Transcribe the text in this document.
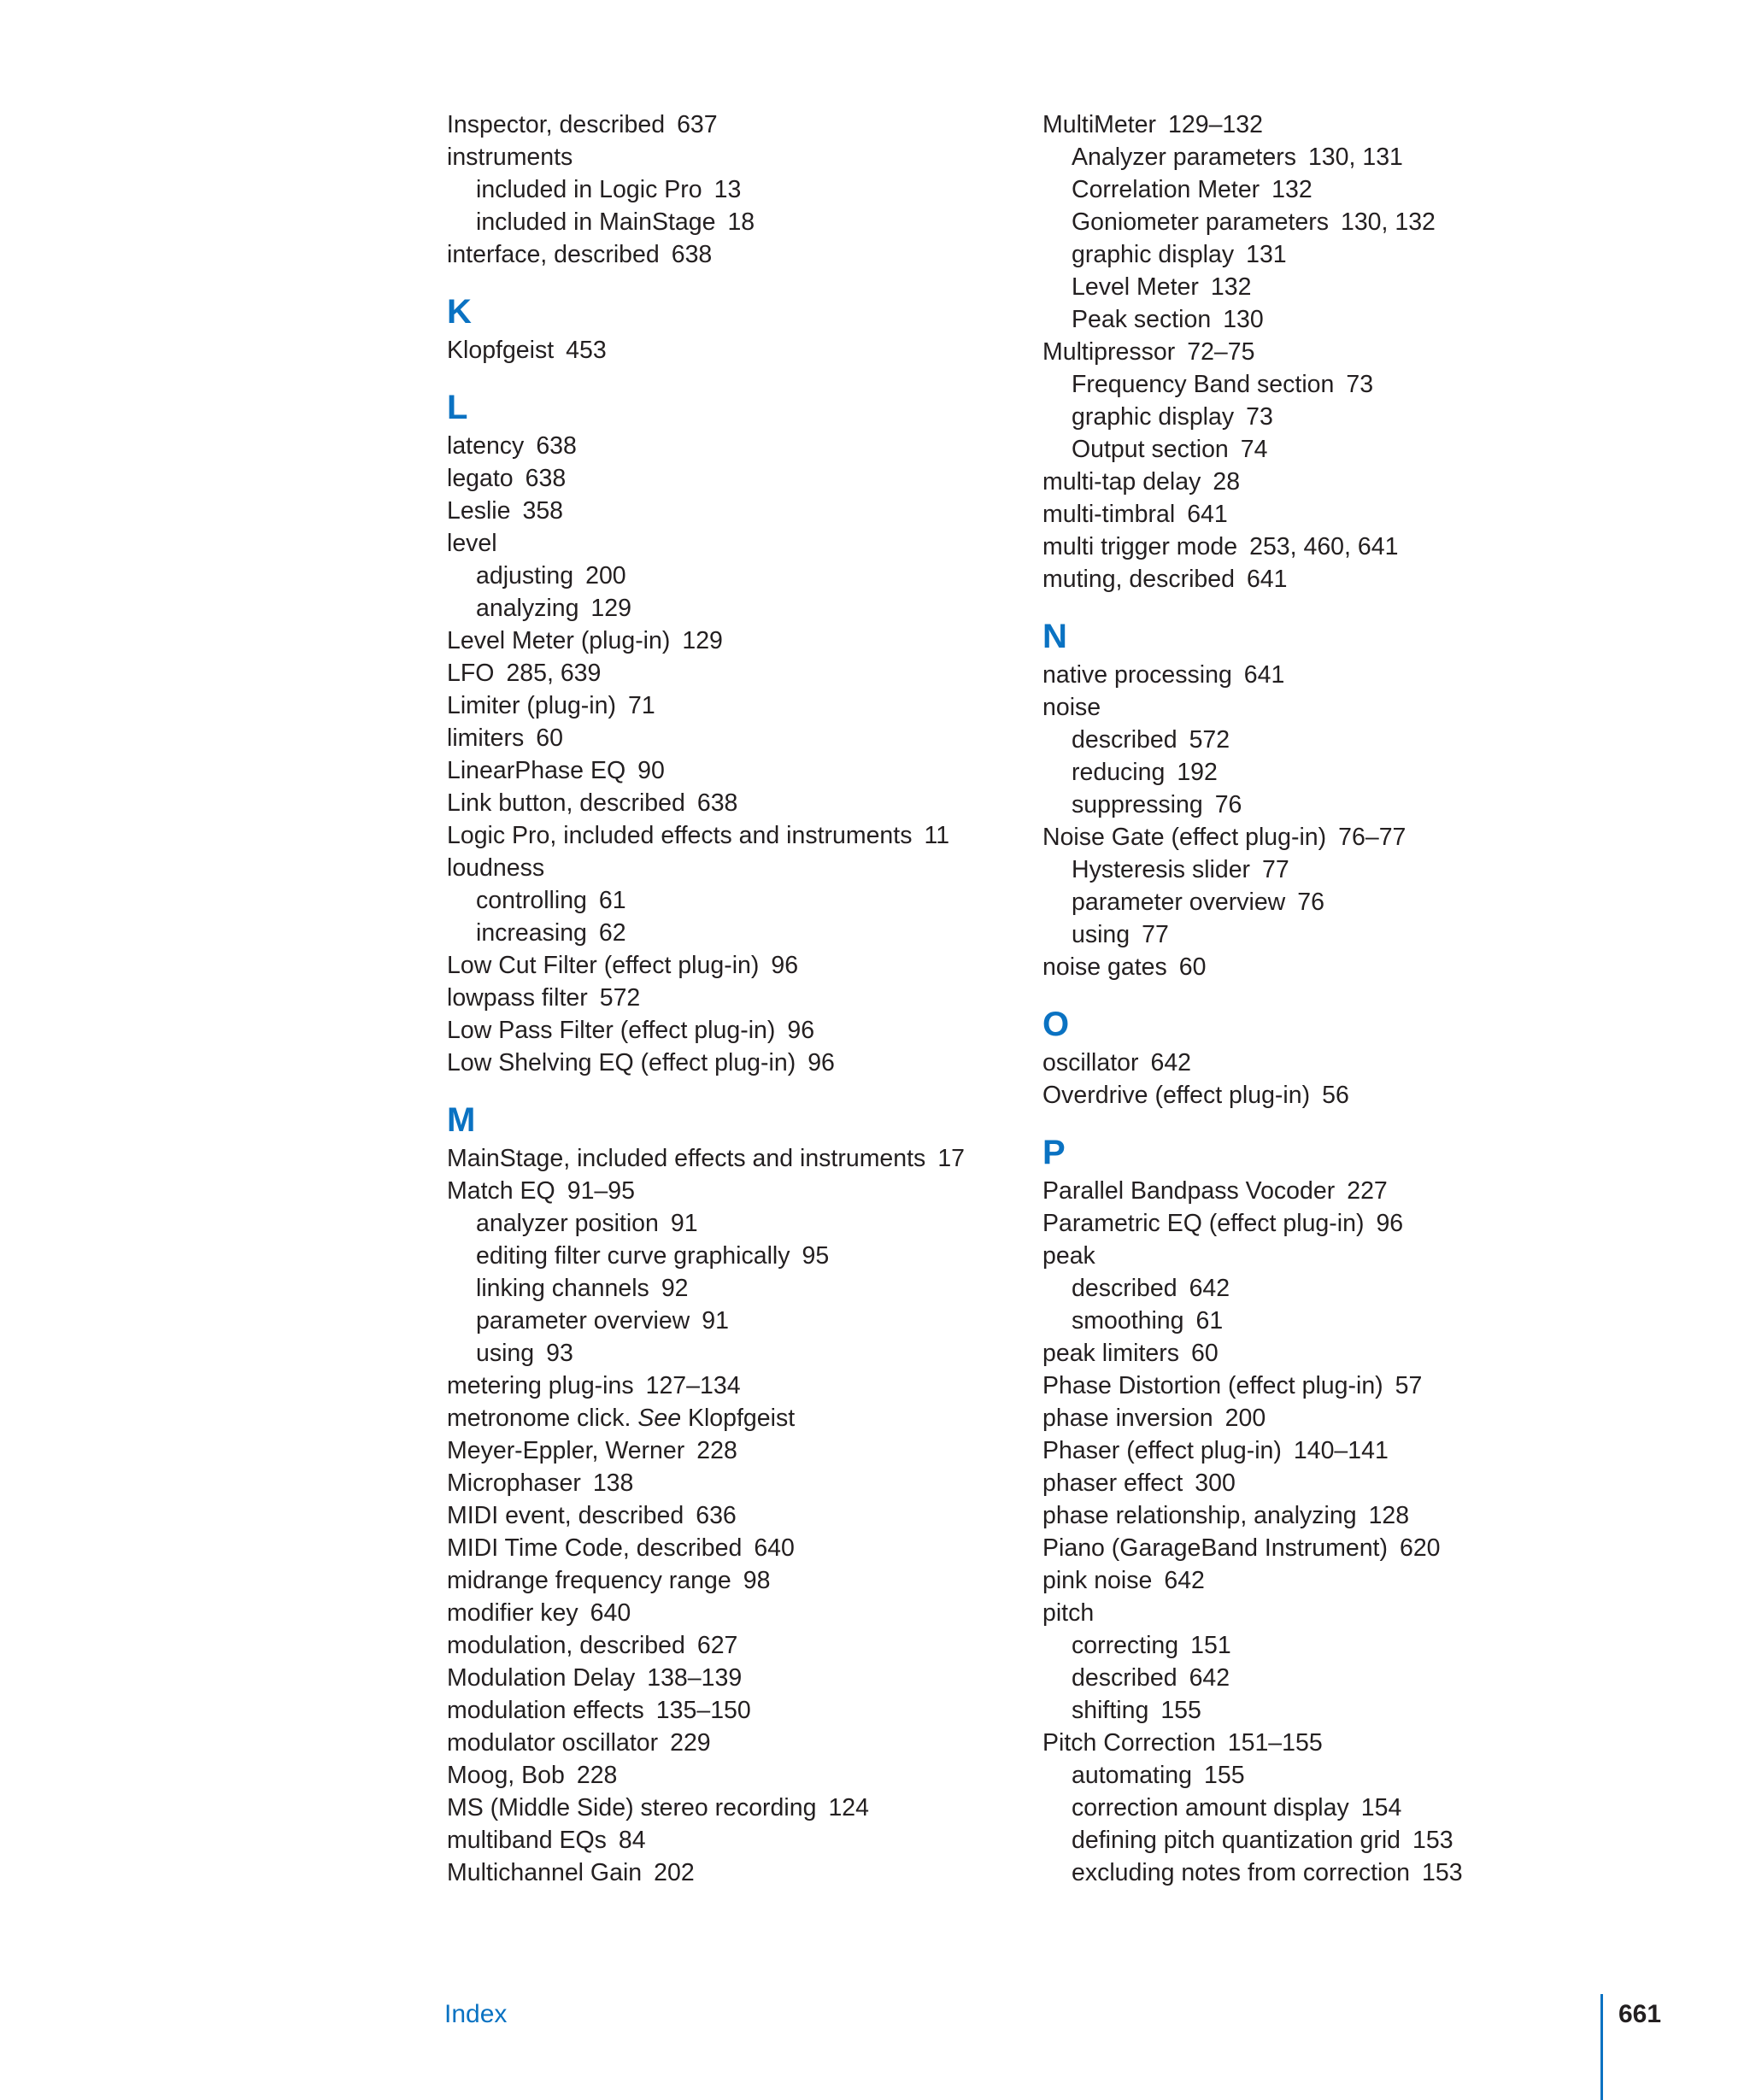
Inspector, described 637
instruments
included in Logic Pro 13
included in MainStage 18
interface, described 638
K
Klopfgeist 453
L
latency 638
legato 638
Leslie 358
level
adjusting 200
analyzing 129
Level Meter (plug-in) 129
LFO 285, 639
Limiter (plug-in) 71
limiters 60
LinearPhase EQ 90
Link button, described 638
Logic Pro, included effects and instruments 11
loudness
controlling 61
increasing 62
Low Cut Filter (effect plug-in) 96
lowpass filter 572
Low Pass Filter (effect plug-in) 96
Low Shelving EQ (effect plug-in) 96
M
MainStage, included effects and instruments 17
Match EQ 91–95
analyzer position 91
editing filter curve graphically 95
linking channels 92
parameter overview 91
using 93
metering plug-ins 127–134
metronome click. See Klopfgeist
Meyer-Eppler, Werner 228
Microphaser 138
MIDI event, described 636
MIDI Time Code, described 640
midrange frequency range 98
modifier key 640
modulation, described 627
Modulation Delay 138–139
modulation effects 135–150
modulator oscillator 229
Moog, Bob 228
MS (Middle Side) stereo recording 124
multiband EQs 84
Multichannel Gain 202
MultiMeter 129–132
Analyzer parameters 130, 131
Correlation Meter 132
Goniometer parameters 130, 132
graphic display 131
Level Meter 132
Peak section 130
Multipressor 72–75
Frequency Band section 73
graphic display 73
Output section 74
multi-tap delay 28
multi-timbral 641
multi trigger mode 253, 460, 641
muting, described 641
N
native processing 641
noise
described 572
reducing 192
suppressing 76
Noise Gate (effect plug-in) 76–77
Hysteresis slider 77
parameter overview 76
using 77
noise gates 60
O
oscillator 642
Overdrive (effect plug-in) 56
P
Parallel Bandpass Vocoder 227
Parametric EQ (effect plug-in) 96
peak
described 642
smoothing 61
peak limiters 60
Phase Distortion (effect plug-in) 57
phase inversion 200
Phaser (effect plug-in) 140–141
phaser effect 300
phase relationship, analyzing 128
Piano (GarageBand Instrument) 620
pink noise 642
pitch
correcting 151
described 642
shifting 155
Pitch Correction 151–155
automating 155
correction amount display 154
defining pitch quantization grid 153
excluding notes from correction 153
Index	661
